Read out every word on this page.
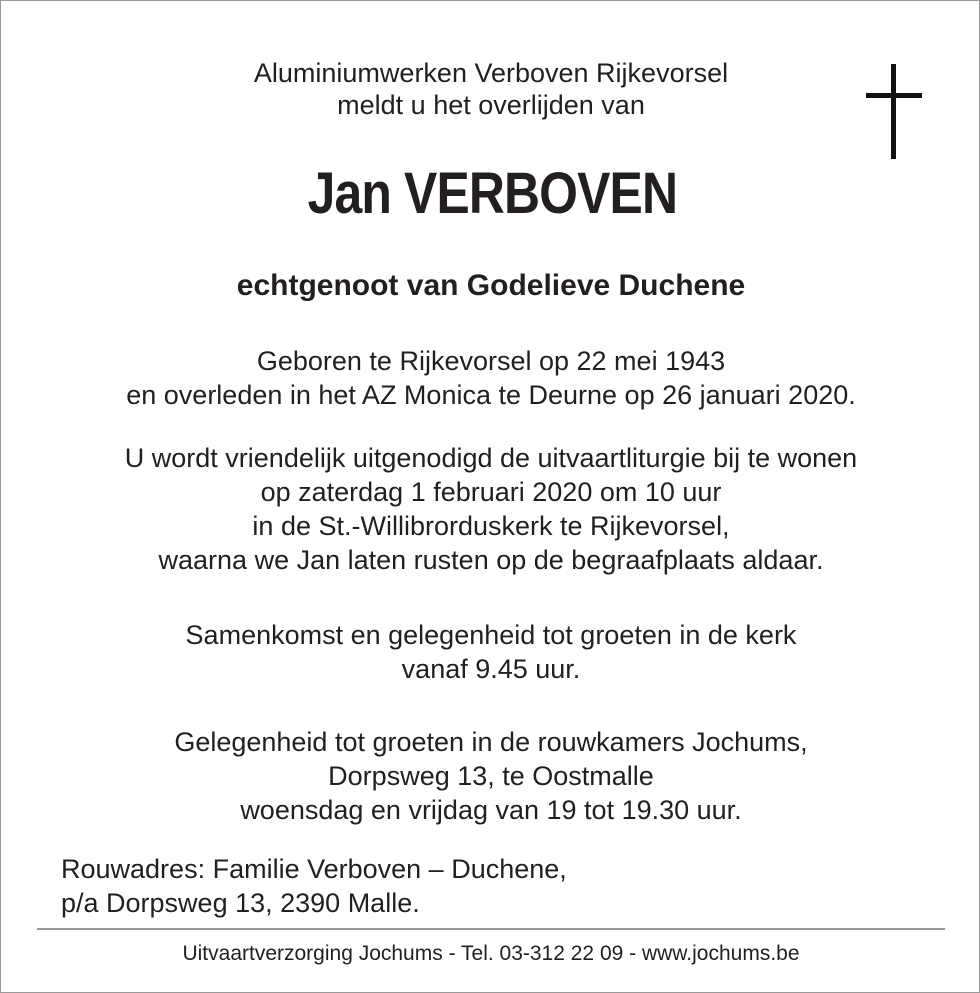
Aluminiumwerken Verboven Rijkevorsel
meldt u het overlijden van
Jan VERBOVEN
echtgenoot van Godelieve Duchene
Geboren te Rijkevorsel op 22 mei 1943
en overleden in het AZ Monica te Deurne op 26 januari 2020.
U wordt vriendelijk uitgenodigd de uitvaartliturgie bij te wonen
op zaterdag 1 februari 2020 om 10 uur
in de St.-Willibrorduskerk te Rijkevorsel,
waarna we Jan laten rusten op de begraafplaats aldaar.
Samenkomst en gelegenheid tot groeten in de kerk
vanaf 9.45 uur.
Gelegenheid tot groeten in de rouwkamers Jochums,
Dorpsweg 13, te Oostmalle
woensdag en vrijdag van 19 tot 19.30 uur.
Rouwadres: Familie Verboven – Duchene,
p/a Dorpsweg 13, 2390 Malle.
Uitvaartverzorging Jochums - Tel. 03-312 22 09 - www.jochums.be
